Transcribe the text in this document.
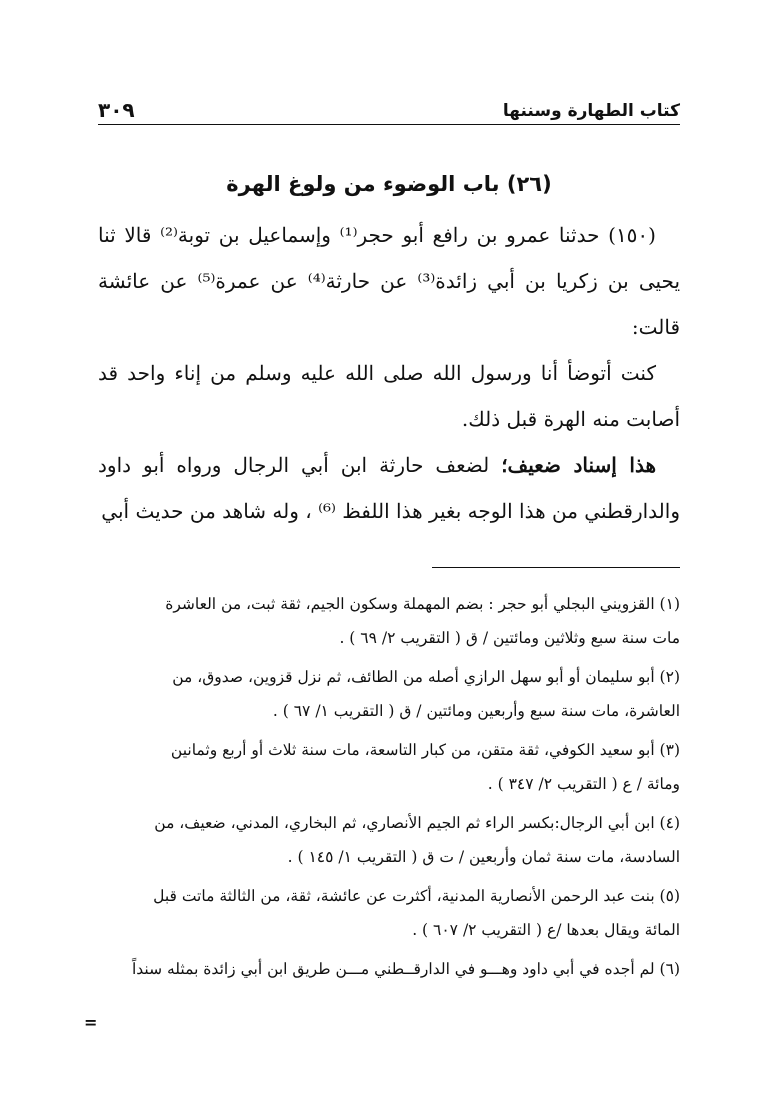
كتاب الطهارة وسننها
٣٠٩
(٢٦) باب الوضوء من ولوغ الهرة

(١٥٠) حدثنا عمرو بن رافع أبو حجر⁽¹⁾ وإسماعيل بن توبة⁽²⁾ قالا ثنا يحيى بن زكريا بن أبي زائدة⁽³⁾ عن حارثة⁽⁴⁾ عن عمرة⁽⁵⁾ عن عائشة قالت:

كنت أتوضأ أنا ورسول الله صلى الله عليه وسلم من إناء واحد قد أصابت منه الهرة قبل ذلك.

هذا إسناد ضعيف؛ لضعف حارثة ابن أبي الرجال ورواه أبو داود والدارقطني من هذا الوجه بغير هذا اللفظ ⁽⁶⁾ ، وله شاهد من حديث أبي

(١) القزويني البجلي أبو حجر : بضم المهملة وسكون الجيم، ثقة ثبت، من العاشرة
مات سنة سبع وثلاثين ومائتين / ق ( التقريب ٢/ ٦٩ ) .

(٢) أبو سليمان أو أبو سهل الرازي أصله من الطائف، ثم نزل قزوين، صدوق، من
العاشرة، مات سنة سبع وأربعين ومائتين / ق ( التقريب ١/ ٦٧ ) .

(٣) أبو سعيد الكوفي، ثقة متقن، من كبار التاسعة، مات سنة ثلاث أو أربع وثمانين
ومائة / ع ( التقريب ٢/ ٣٤٧ ) .

(٤) ابن أبي الرجال:بكسر الراء ثم الجيم الأنصاري، ثم البخاري، المدني، ضعيف، من
السادسة، مات سنة ثمان وأربعين / ت ق ( التقريب ١/ ١٤٥ ) .

(٥) بنت عبد الرحمن الأنصارية المدنية، أكثرت عن عائشة، ثقة، من الثالثة ماتت قبل
المائة ويقال بعدها /ع ( التقريب ٢/ ٦٠٧ ) .

(٦) لم أجده في أبي داود وهـــو في الدارقــطني مـــن طريق ابن أبي زائدة بمثله سنداً

=
